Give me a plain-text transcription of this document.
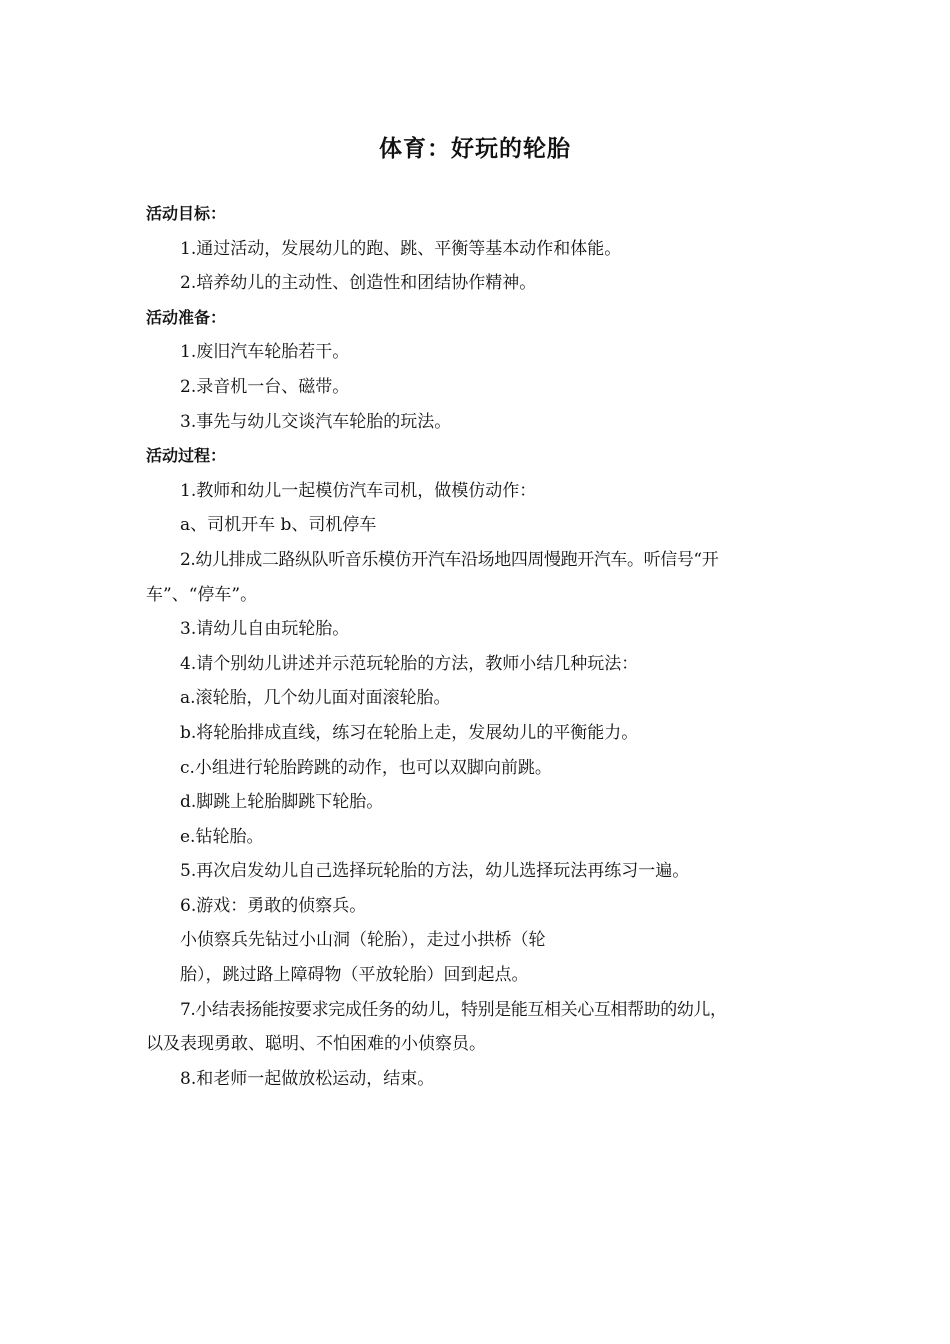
体育：好玩的轮胎
活动目标：
1.通过活动，发展幼儿的跑、跳、平衡等基本动作和体能。
2.培养幼儿的主动性、创造性和团结协作精神。
活动准备：
1.废旧汽车轮胎若干。
2.录音机一台、磁带。
3.事先与幼儿交谈汽车轮胎的玩法。
活动过程：
1.教师和幼儿一起模仿汽车司机，做模仿动作：
a、司机开车 b、司机停车
2.幼儿排成二路纵队听音乐模仿开汽车沿场地四周慢跑开汽车。听信号“开
车”、“停车”。
3.请幼儿自由玩轮胎。
4.请个别幼儿讲述并示范玩轮胎的方法，教师小结几种玩法：
a.滚轮胎，几个幼儿面对面滚轮胎。
b.将轮胎排成直线，练习在轮胎上走，发展幼儿的平衡能力。
c.小组进行轮胎跨跳的动作，也可以双脚向前跳。
d.脚跳上轮胎脚跳下轮胎。
e.钻轮胎。
5.再次启发幼儿自己选择玩轮胎的方法，幼儿选择玩法再练习一遍。
6.游戏：勇敢的侦察兵。
小侦察兵先钻过小山洞（轮胎），走过小拱桥（轮
胎），跳过路上障碍物（平放轮胎）回到起点。
7.小结表扬能按要求完成任务的幼儿，特别是能互相关心互相帮助的幼儿，
以及表现勇敢、聪明、不怕困难的小侦察员。
8.和老师一起做放松运动，结束。
